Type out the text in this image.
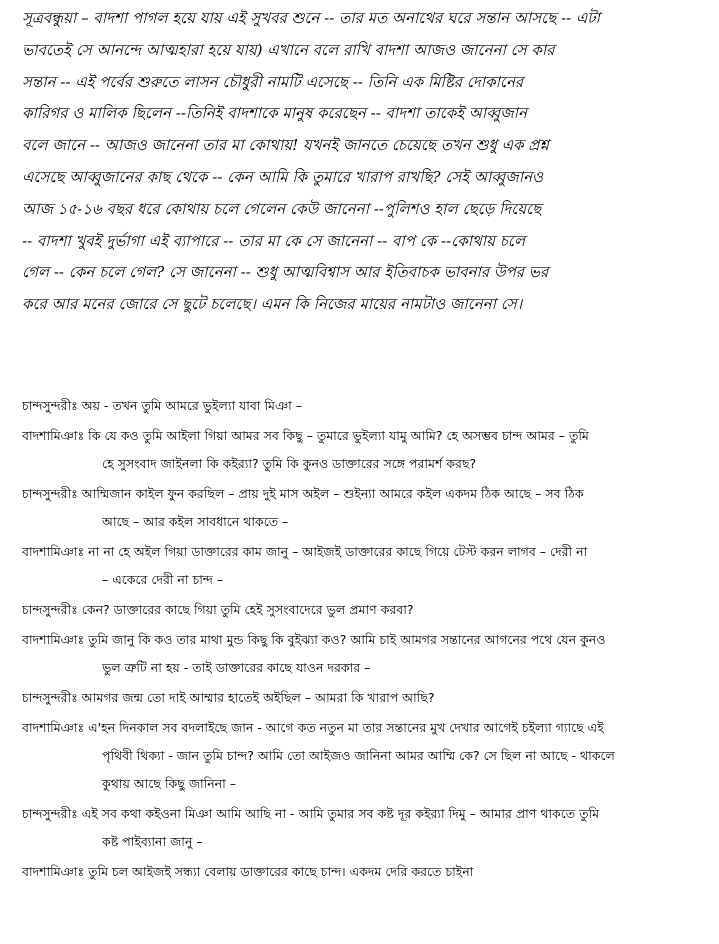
সূত্রবন্ধুয়া – বাদশা পাগল হয়ে যায় এই সুখবর শুনে -- তার মত অনাথের ঘরে সন্তান আসছে -- এটা
ভাবতেই সে আনন্দে আত্মহারা হয়ে যায়) এখানে বলে রাখি বাদশা আজও জানেনা সে কার
সন্তান -- এই পর্বের শুরুতে লাসন চৌধুরী নামটি এসেছে -- তিনি এক মিষ্টির দোকানের
কারিগর ও মালিক ছিলেন --তিনিই বাদশাকে মানুষ করেছেন -- বাদশা তাকেই আব্বুজান
বলে জানে -- আজও জানেনা তার মা কোথায়! যখনই জানতে চেয়েছে তখন শুধু এক প্রশ্ন
এসেছে আব্বুজানের কাছ থেকে -- কেন আমি কি তুমারে খারাপ রাখছি? সেই আব্বুজানও
আজ ১৫-১৬ বছর ধরে কোথায় চলে গেলেন কেউ জানেনা --পুলিশও হাল ছেড়ে দিয়েছে
-- বাদশা খুবই দুর্ভাগা এই ব্যাপারে -- তার মা কে সে জানেনা -- বাপ কে --কোথায় চলে
গেল -- কেন চলে গেল? সে জানেনা -- শুধু আত্মবিশ্বাস আর ইতিবাচক ভাবনার উপর ভর
করে আর মনের জোরে সে ছুটে চলেছে। এমন কি নিজের মায়ের নামটাও জানেনা সে।
চান্দসুন্দরীঃ অয় - তখন তুমি আমরে ভুইল্যা যাবা মিঞা –
বাদশামিঞাঃ কি যে কও তুমি আইলা গিয়া আমর সব কিছু – তুমারে ভুইল্যা যামু আমি? হে অসম্ভব চান্দ আমর – তুমি
হে সুসংবাদ জাইনলা কি কইর‍্যা? তুমি কি কুনও ডাক্তারের সঙ্গে পরামর্শ করছ?
চান্দসুন্দরীঃ আম্মিজান কাইল ফুন করছিল – প্রায় দুই মাস অইল – শুইন্যা আমরে কইল একদম ঠিক আছে – সব ঠিক
আছে – আর কইল সাবধানে থাকতে –
বাদশামিঞাঃ না না হে অইল গিয়া ডাক্তারের কাম জানু – আইজই ডাক্তারের কাছে গিয়ে টেস্ট করন লাগব – দেরী না
– একেরে দেরী না চান্দ –
চান্দসুন্দরীঃ কেন? ডাক্তারের কাছে গিয়া তুমি হেই সুসংবাদেরে ভুল প্রমাণ করবা?
বাদশামিঞাঃ তুমি জানু কি কও তার মাথা মুন্ড কিছু কি বুইঝ্যা কও? আমি চাই আমগর সন্তানের আগনের পথে যেন কুনও
ভুল ত্রুটি না হয় - তাই ডাক্তারের কাছে যাওন দরকার –
চান্দসুন্দরীঃ আমগর জন্ম তো দাই আম্মার হাতেই অইছিল – আমরা কি খারাপ আছি?
বাদশামিঞাঃ এ'হন দিনকাল সব বদলাইছে জান - আগে কত নতুন মা তার সন্তানের মুখ দেখার আগেই চইল্যা গ্যাছে এই
পৃথিবী থিক্যা - জান তুমি চান্দ? আমি তো আইজও জানিনা আমর আম্মি কে? সে ছিল না আছে - থাকলে
কুথায় আছে কিছু জানিনা –
চান্দসুন্দরীঃ এই সব কথা কইওনা মিঞা আমি আছি না - আমি তুমার সব কষ্ট দূর কইর‍্যা দিমু – আমার প্রাণ থাকতে তুমি
কষ্ট পাইব্যানা জানু –
বাদশামিঞাঃ তুমি চল আইজই সন্ধ্যা বেলায় ডাক্তারের কাছে চান্দ। একদম দেরি করতে চাইনা
